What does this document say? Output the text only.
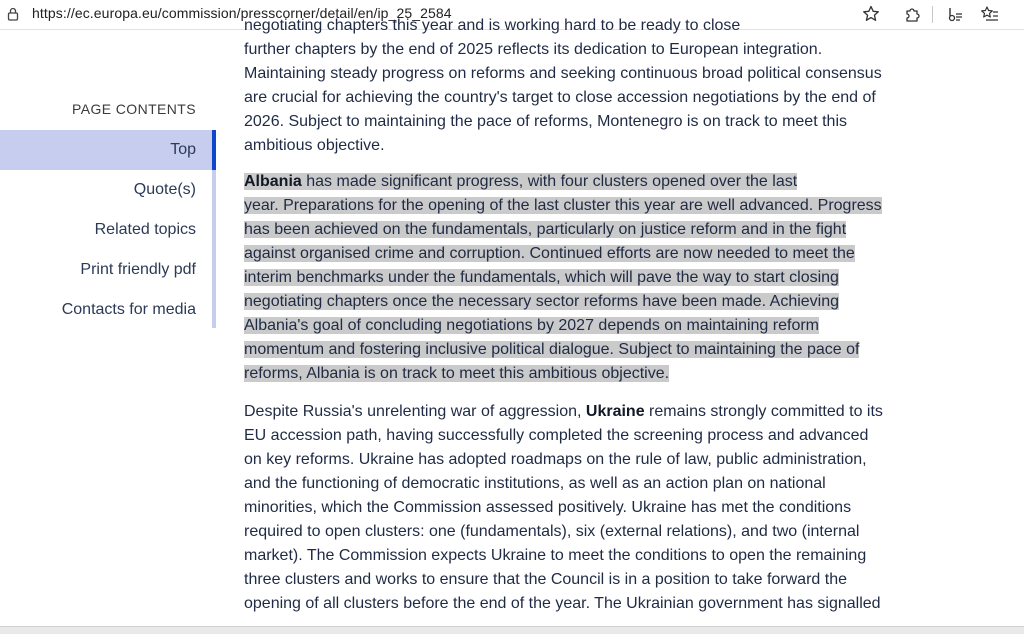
https://ec.europa.eu/commission/presscorner/detail/en/ip_25_2584
PAGE CONTENTS
Top
Quote(s)
Related topics
Print friendly pdf
Contacts for media

negotiating chapters this year and is working hard to be ready to close

further chapters by the end of 2025 reflects its dedication to European integration.

Maintaining steady progress on reforms and seeking continuous broad political consensus

are crucial for achieving the country's target to close accession negotiations by the end of

2026. Subject to maintaining the pace of reforms, Montenegro is on track to meet this

ambitious objective.

Albania has made significant progress, with four clusters opened over the last

year. Preparations for the opening of the last cluster this year are well advanced. Progress

has been achieved on the fundamentals, particularly on justice reform and in the fight

against organised crime and corruption. Continued efforts are now needed to meet the

interim benchmarks under the fundamentals, which will pave the way to start closing

negotiating chapters once the necessary sector reforms have been made. Achieving

Albania's goal of concluding negotiations by 2027 depends on maintaining reform

momentum and fostering inclusive political dialogue. Subject to maintaining the pace of

reforms, Albania is on track to meet this ambitious objective.

Despite Russia's unrelenting war of aggression, Ukraine remains strongly committed to its

EU accession path, having successfully completed the screening process and advanced

on key reforms. Ukraine has adopted roadmaps on the rule of law, public administration,

and the functioning of democratic institutions, as well as an action plan on national

minorities, which the Commission assessed positively. Ukraine has met the conditions

required to open clusters: one (fundamentals), six (external relations), and two (internal

market). The Commission expects Ukraine to meet the conditions to open the remaining

three clusters and works to ensure that the Council is in a position to take forward the

opening of all clusters before the end of the year. The Ukrainian government has signalled
